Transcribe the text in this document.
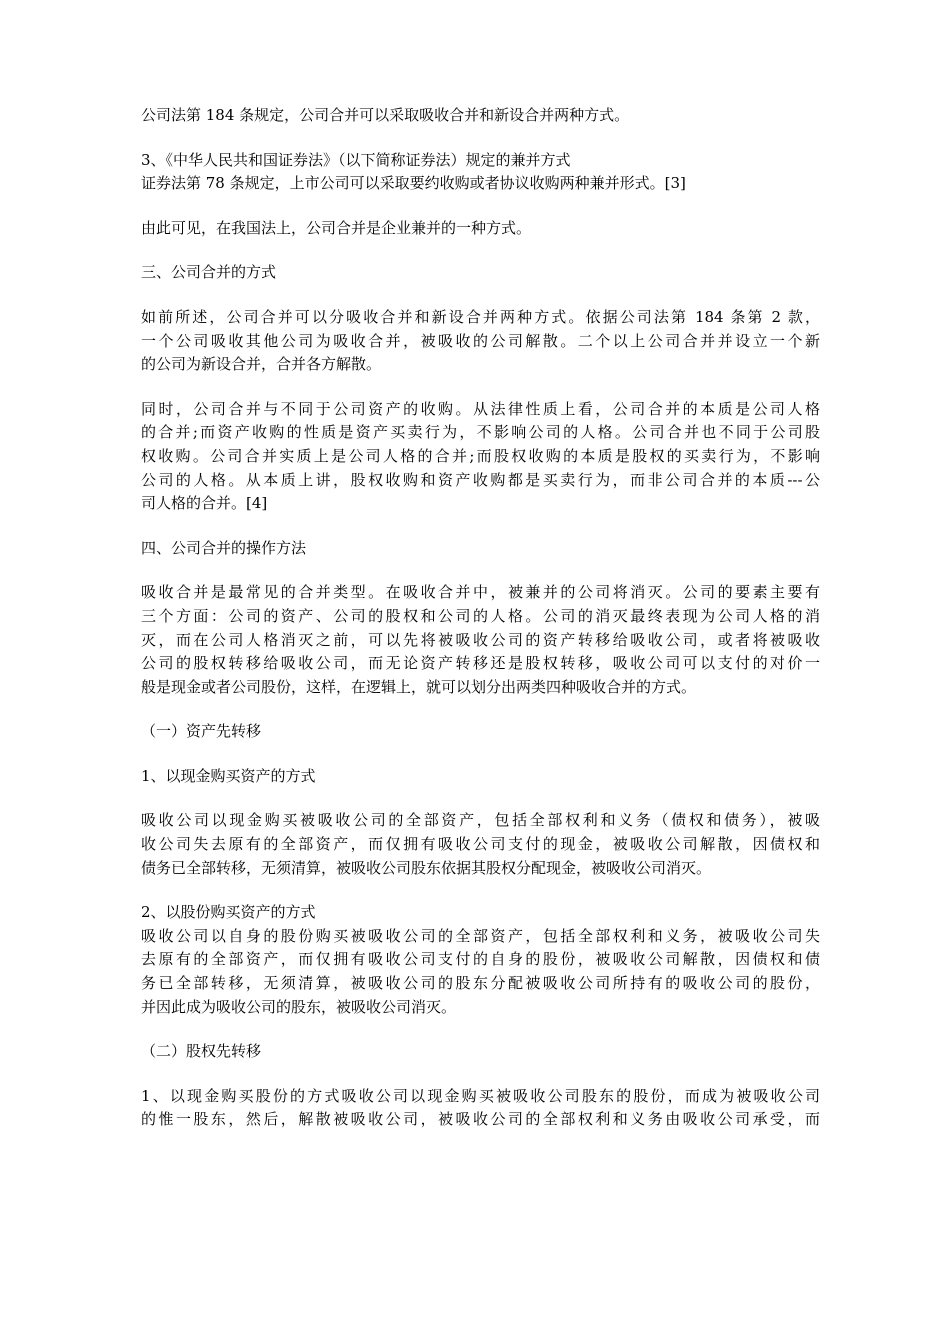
公司法第 184 条规定，公司合并可以采取吸收合并和新设合并两种方式。

3、《中华人民共和国证券法》（以下简称证券法）规定的兼并方式
证券法第 78 条规定，上市公司可以采取要约收购或者协议收购两种兼并形式。[3]

由此可见，在我国法上，公司合并是企业兼并的一种方式。

三、公司合并的方式

如前所述，公司合并可以分吸收合并和新设合并两种方式。依据公司法第 184 条第 2 款，
一个公司吸收其他公司为吸收合并，被吸收的公司解散。二个以上公司合并并设立一个新
的公司为新设合并，合并各方解散。

同时，公司合并与不同于公司资产的收购。从法律性质上看，公司合并的本质是公司人格
的合并;而资产收购的性质是资产买卖行为，不影响公司的人格。公司合并也不同于公司股
权收购。公司合并实质上是公司人格的合并;而股权收购的本质是股权的买卖行为，不影响
公司的人格。从本质上讲，股权收购和资产收购都是买卖行为，而非公司合并的本质---公
司人格的合并。[4]

四、公司合并的操作方法

吸收合并是最常见的合并类型。在吸收合并中，被兼并的公司将消灭。公司的要素主要有
三个方面：公司的资产、公司的股权和公司的人格。公司的消灭最终表现为公司人格的消
灭，而在公司人格消灭之前，可以先将被吸收公司的资产转移给吸收公司，或者将被吸收
公司的股权转移给吸收公司，而无论资产转移还是股权转移，吸收公司可以支付的对价一
般是现金或者公司股份，这样，在逻辑上，就可以划分出两类四种吸收合并的方式。

（一）资产先转移

1、以现金购买资产的方式

吸收公司以现金购买被吸收公司的全部资产，包括全部权利和义务（债权和债务），被吸
收公司失去原有的全部资产，而仅拥有吸收公司支付的现金，被吸收公司解散，因债权和
债务已全部转移，无须清算，被吸收公司股东依据其股权分配现金，被吸收公司消灭。

2、以股份购买资产的方式
吸收公司以自身的股份购买被吸收公司的全部资产，包括全部权利和义务，被吸收公司失
去原有的全部资产，而仅拥有吸收公司支付的自身的股份，被吸收公司解散，因债权和债
务已全部转移，无须清算，被吸收公司的股东分配被吸收公司所持有的吸收公司的股份，
并因此成为吸收公司的股东，被吸收公司消灭。

（二）股权先转移

1、以现金购买股份的方式吸收公司以现金购买被吸收公司股东的股份，而成为被吸收公司
的惟一股东，然后，解散被吸收公司，被吸收公司的全部权利和义务由吸收公司承受，而
